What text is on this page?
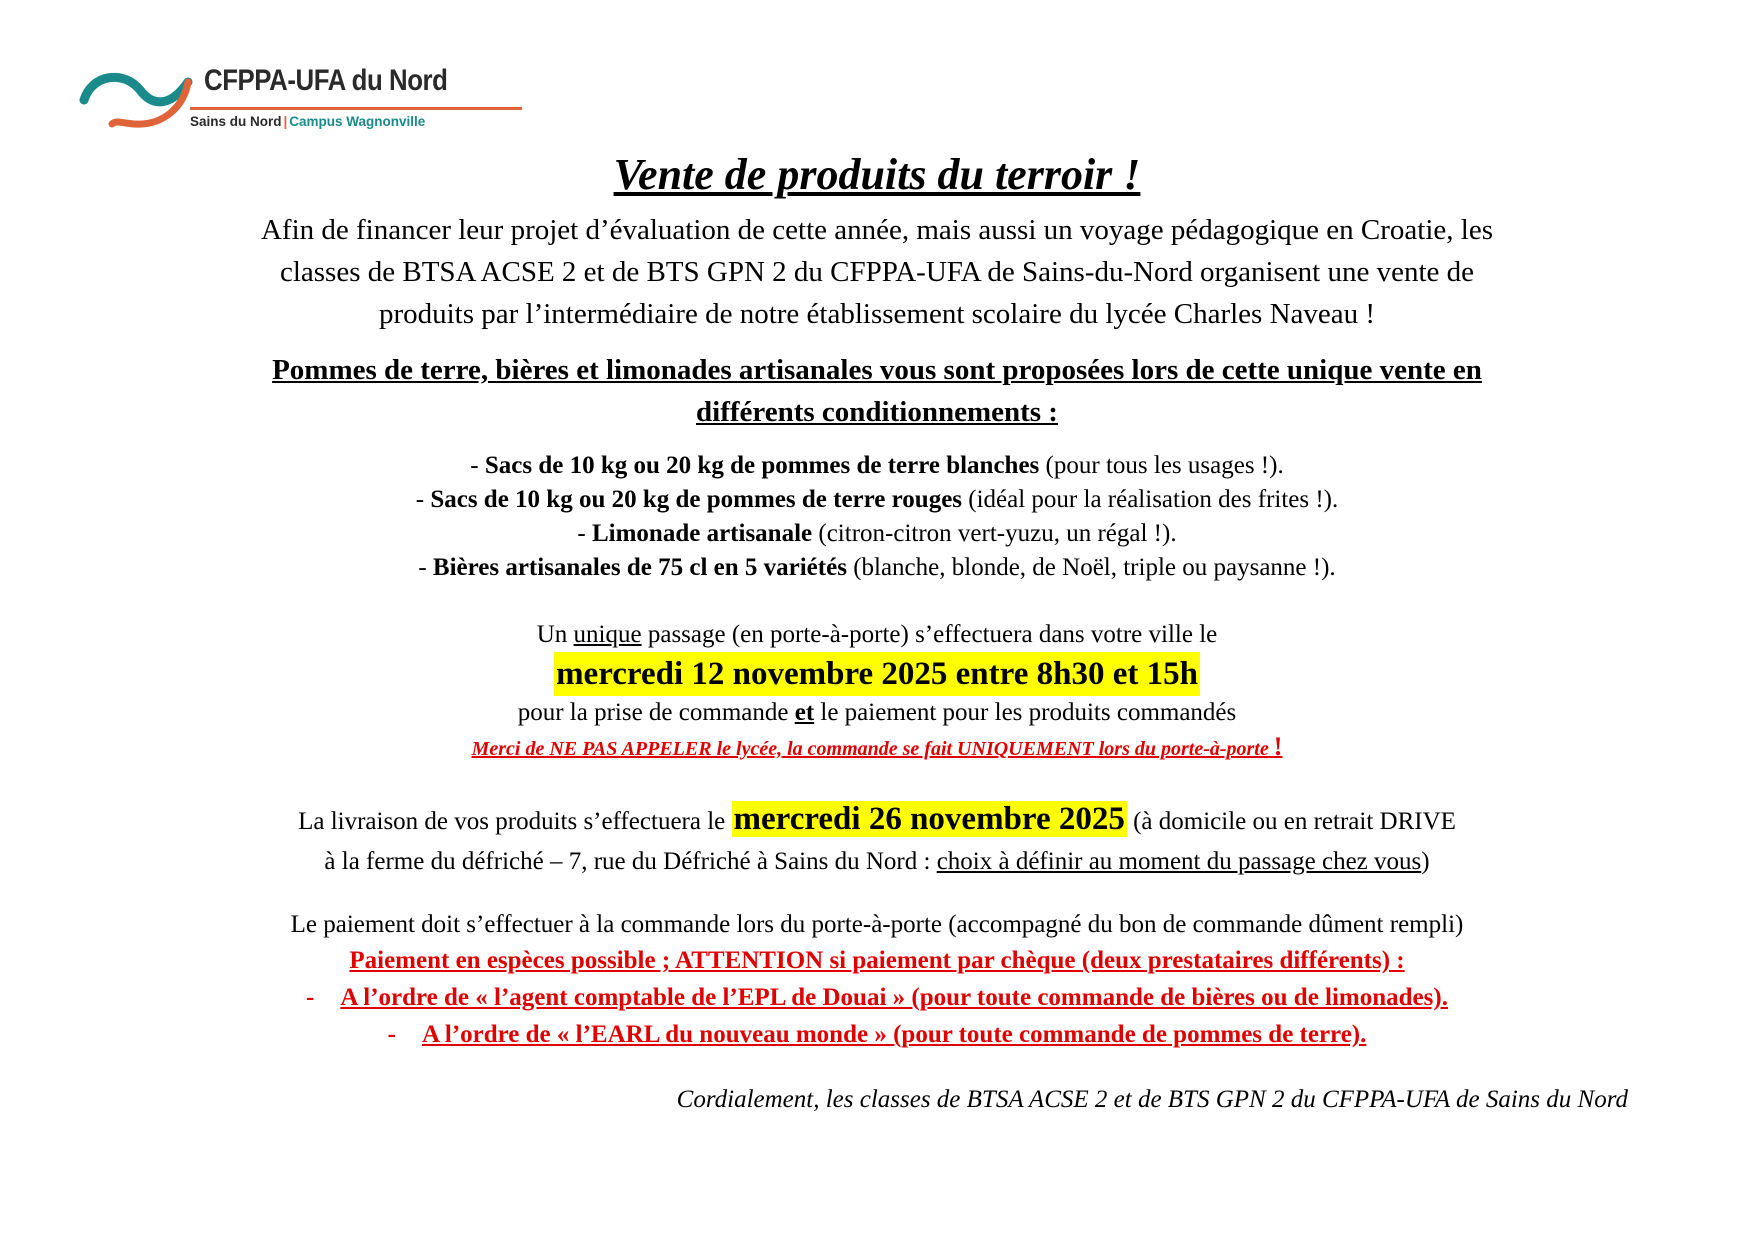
CFPPA-UFA du Nord
Sains du Nord | Campus Wagnonville

Vente de produits du terroir !

Afin de financer leur projet d’évaluation de cette année, mais aussi un voyage pédagogique en Croatie, les

classes de BTSA ACSE 2 et de BTS GPN 2 du CFPPA-UFA de Sains-du-Nord organisent une vente de

produits par l’intermédiaire de notre établissement scolaire du lycée Charles Naveau !

Pommes de terre, bières et limonades artisanales vous sont proposées lors de cette unique vente en

différents conditionnements :

- Sacs de 10 kg ou 20 kg de pommes de terre blanches (pour tous les usages !).

- Sacs de 10 kg ou 20 kg de pommes de terre rouges (idéal pour la réalisation des frites !).

- Limonade artisanale (citron-citron vert-yuzu, un régal !).

- Bières artisanales de 75 cl en 5 variétés (blanche, blonde, de Noël, triple ou paysanne !).

Un unique passage (en porte-à-porte) s’effectuera dans votre ville le

mercredi 12 novembre 2025 entre 8h30 et 15h

pour la prise de commande et le paiement pour les produits commandés

Merci de NE PAS APPELER le lycée, la commande se fait UNIQUEMENT lors du porte-à-porte !

La livraison de vos produits s’effectuera le mercredi 26 novembre 2025 (à domicile ou en retrait DRIVE

à la ferme du défriché – 7, rue du Défriché à Sains du Nord : choix à définir au moment du passage chez vous)

Le paiement doit s’effectuer à la commande lors du porte-à-porte (accompagné du bon de commande dûment rempli)

Paiement en espèces possible ; ATTENTION si paiement par chèque (deux prestataires différents) :

- A l’ordre de « l’agent comptable de l’EPL de Douai » (pour toute commande de bières ou de limonades).

- A l’ordre de « l’EARL du nouveau monde » (pour toute commande de pommes de terre).

Cordialement, les classes de BTSA ACSE 2 et de BTS GPN 2 du CFPPA-UFA de Sains du Nord
